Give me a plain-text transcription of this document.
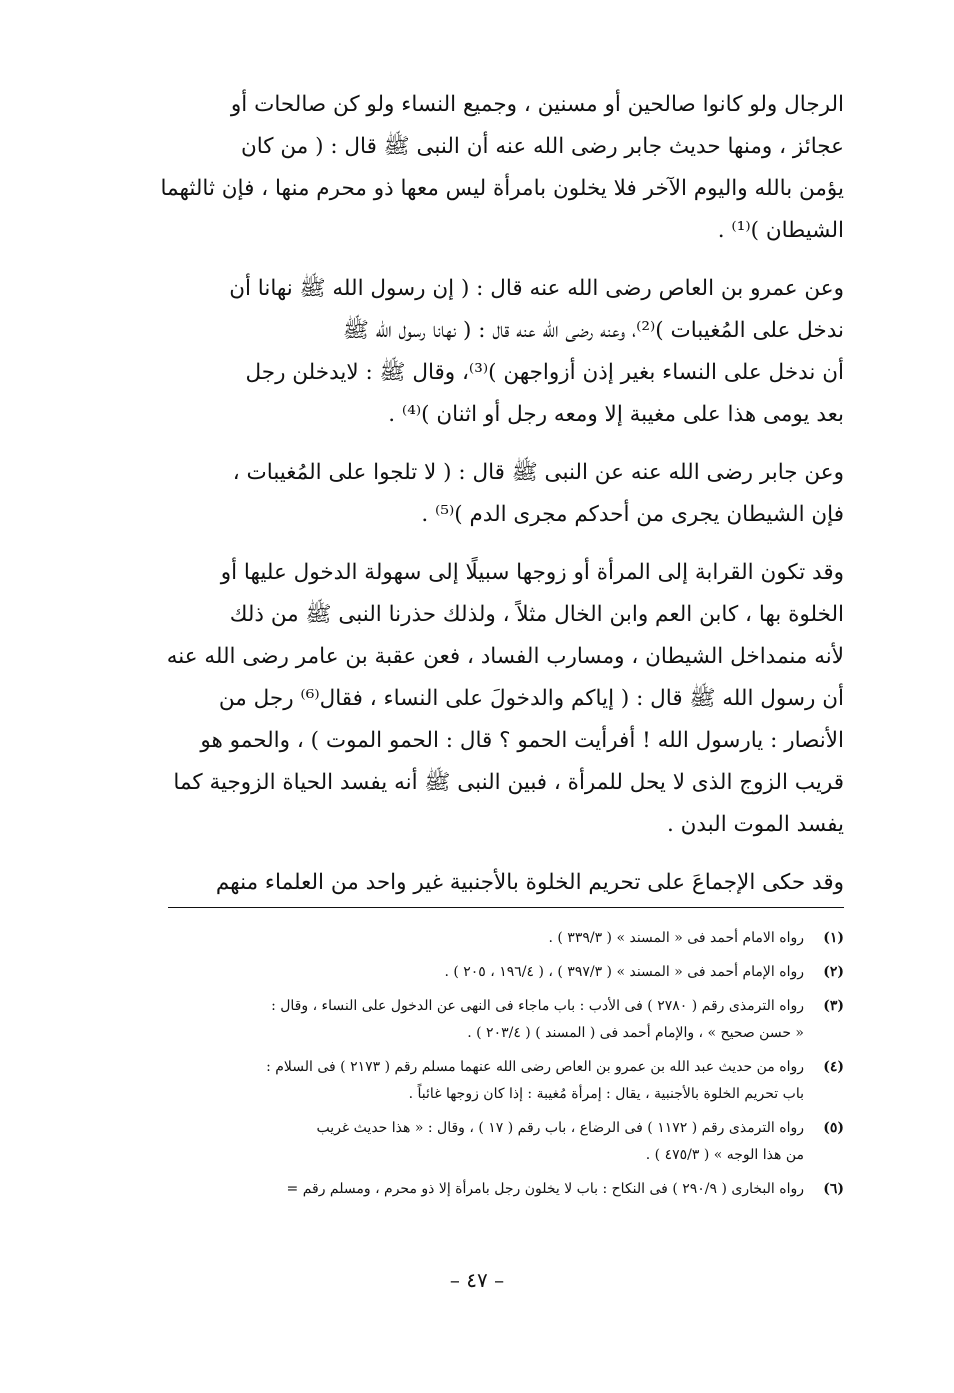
الرجال ولو كانوا صالحين أو مسنين ، وجميع النساء ولو كن صالحات أو

عجائز ، ومنها حديث جابر رضى الله عنه أن النبى ﷺ قال : ( من كان

يؤمن بالله واليوم الآخر فلا يخلون بامرأة ليس معها ذو محرم منها ، فإن ثالثهما

الشيطان )⁽¹⁾ .

وعن عمرو بن العاص رضى الله عنه قال : ( إن رسول الله ﷺ نهانا أن

ندخل على المُغيبات )⁽²⁾، وعنه رضى الله عنه قال : ( نهانا رسول الله ﷺ

أن ندخل على النساء بغير إذن أزواجهن )⁽³⁾، وقال ﷺ : لايدخلن رجل

بعد يومى هذا على مغيبة إلا ومعه رجل أو اثنان )⁽⁴⁾ .

وعن جابر رضى الله عنه عن النبى ﷺ قال : ( لا تلجوا على المُغيبات ،

فإن الشيطان يجرى من أحدكم مجرى الدم )⁽⁵⁾ .

وقد تكون القرابة إلى المرأة أو زوجها سبيلًا إلى سهولة الدخول عليها أو

الخلوة بها ، كابن العم وابن الخال مثلاً ، ولذلك حذرنا النبى ﷺ من ذلك

لأنه منمداخل الشيطان ، ومسارب الفساد ، فعن عقبة بن عامر رضى الله عنه

أن رسول الله ﷺ قال : ( إياكم والدخولَ على النساء ، فقال⁽⁶⁾ رجل من

الأنصار : يارسول الله ! أفرأيت الحمو ؟ قال : الحمو الموت ) ، والحمو هو

قريب الزوج الذى لا يحل للمرأة ، فبين النبى ﷺ أنه يفسد الحياة الزوجية كما

يفسد الموت البدن .

وقد حكى الإجماعَ على تحريم الخلوة بالأجنبية غير واحد من العلماء منهم

(١)
رواه الامام أحمد فى « المسند » ( ٣٣٩/٣ ) .
(٢)
رواه الإمام أحمد فى « المسند » ( ٣٩٧/٣ ) ، ( ١٩٦/٤ ، ٢٠٥ ) .
(٣)
رواه الترمذى رقم ( ٢٧٨٠ ) فى الأدب : باب ماجاء فى النهى عن الدخول على النساء ، وقال :
« حسن صحيح » ، والإمام أحمد فى ( المسند ) ( ٢٠٣/٤ ) .
(٤)
رواه من حديث عبد الله بن عمرو بن العاص رضى الله عنهما مسلم رقم ( ٢١٧٣ ) فى السلام :
باب تحريم الخلوة بالأجنبية ، يقال : إمرأة مُغيبة : إذا كان زوجها غائباً .
(٥)
رواه الترمذى رقم ( ١١٧٢ ) فى الرضاع ، باب رقم ( ١٧ ) ، وقال : « هذا حديث غريب
من هذا الوجه » ( ٤٧٥/٣ ) .
(٦)
رواه البخارى ( ٢٩٠/٩ ) فى النكاح : باب لا يخلون رجل بامرأة إلا ذو محرم ، ومسلم رقم =
– ٤٧ –
